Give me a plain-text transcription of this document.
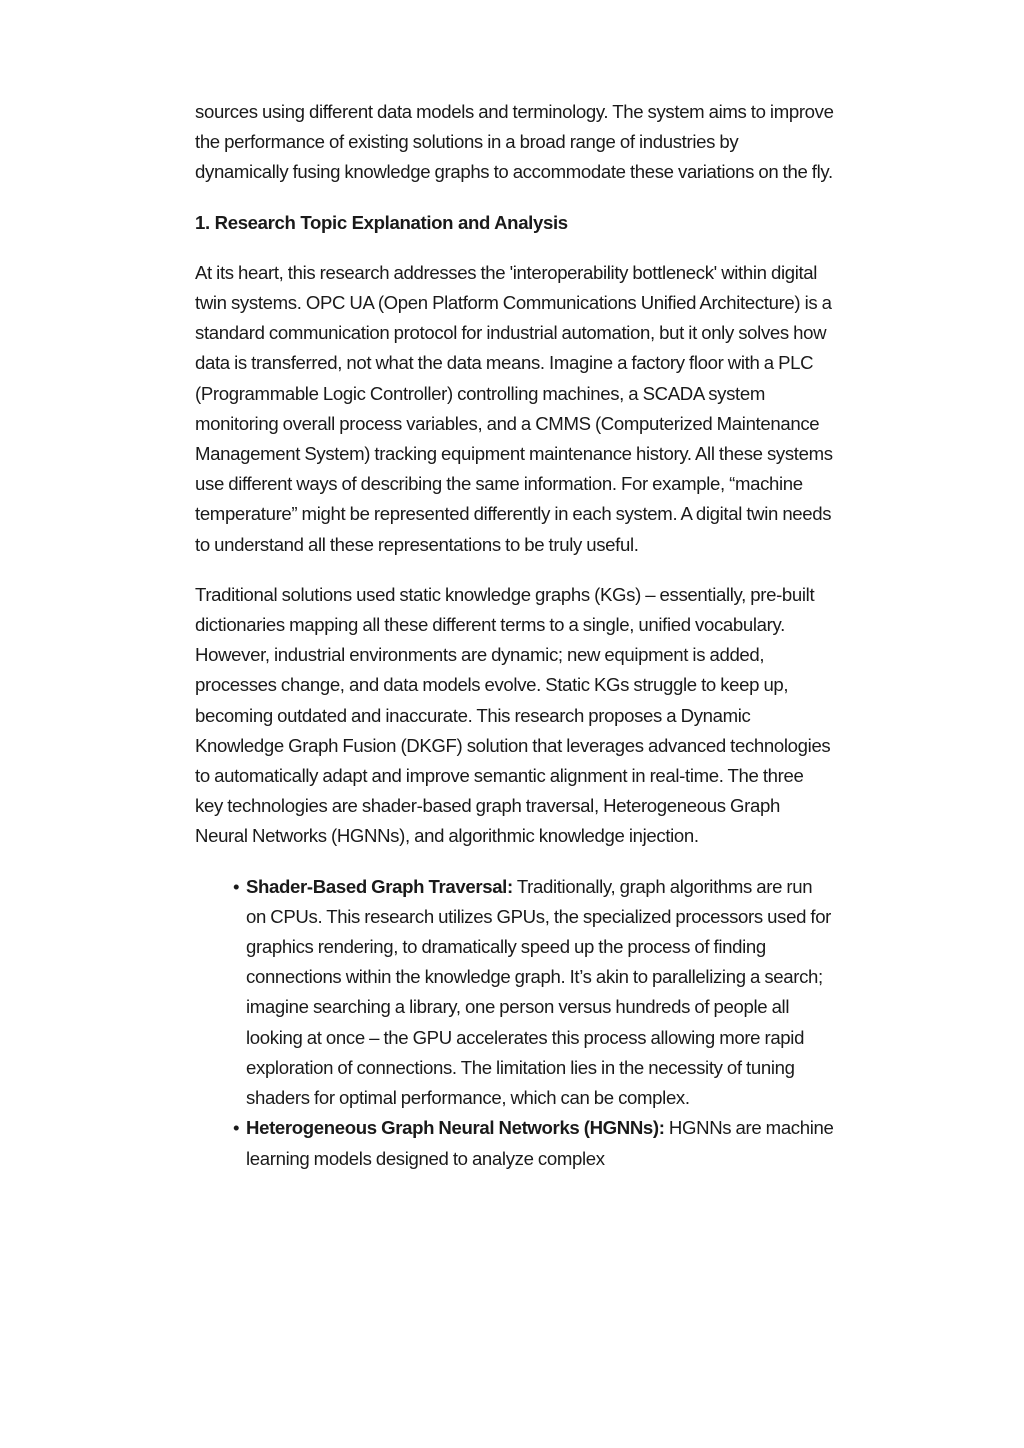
sources using different data models and terminology. The system aims to improve the performance of existing solutions in a broad range of industries by dynamically fusing knowledge graphs to accommodate these variations on the fly.

1. Research Topic Explanation and Analysis

At its heart, this research addresses the 'interoperability bottleneck' within digital twin systems. OPC UA (Open Platform Communications Unified Architecture) is a standard communication protocol for industrial automation, but it only solves how data is transferred, not what the data means. Imagine a factory floor with a PLC (Programmable Logic Controller) controlling machines, a SCADA system monitoring overall process variables, and a CMMS (Computerized Maintenance Management System) tracking equipment maintenance history. All these systems use different ways of describing the same information. For example, “machine temperature” might be represented differently in each system. A digital twin needs to understand all these representations to be truly useful.

Traditional solutions used static knowledge graphs (KGs) – essentially, pre-built dictionaries mapping all these different terms to a single, unified vocabulary. However, industrial environments are dynamic; new equipment is added, processes change, and data models evolve. Static KGs struggle to keep up, becoming outdated and inaccurate. This research proposes a Dynamic Knowledge Graph Fusion (DKGF) solution that leverages advanced technologies to automatically adapt and improve semantic alignment in real-time. The three key technologies are shader-based graph traversal, Heterogeneous Graph Neural Networks (HGNNs), and algorithmic knowledge injection.

• Shader-Based Graph Traversal: Traditionally, graph algorithms are run on CPUs. This research utilizes GPUs, the specialized processors used for graphics rendering, to dramatically speed up the process of finding connections within the knowledge graph. It’s akin to parallelizing a search; imagine searching a library, one person versus hundreds of people all looking at once – the GPU accelerates this process allowing more rapid exploration of connections. The limitation lies in the necessity of tuning shaders for optimal performance, which can be complex.
• Heterogeneous Graph Neural Networks (HGNNs): HGNNs are machine learning models designed to analyze complex
